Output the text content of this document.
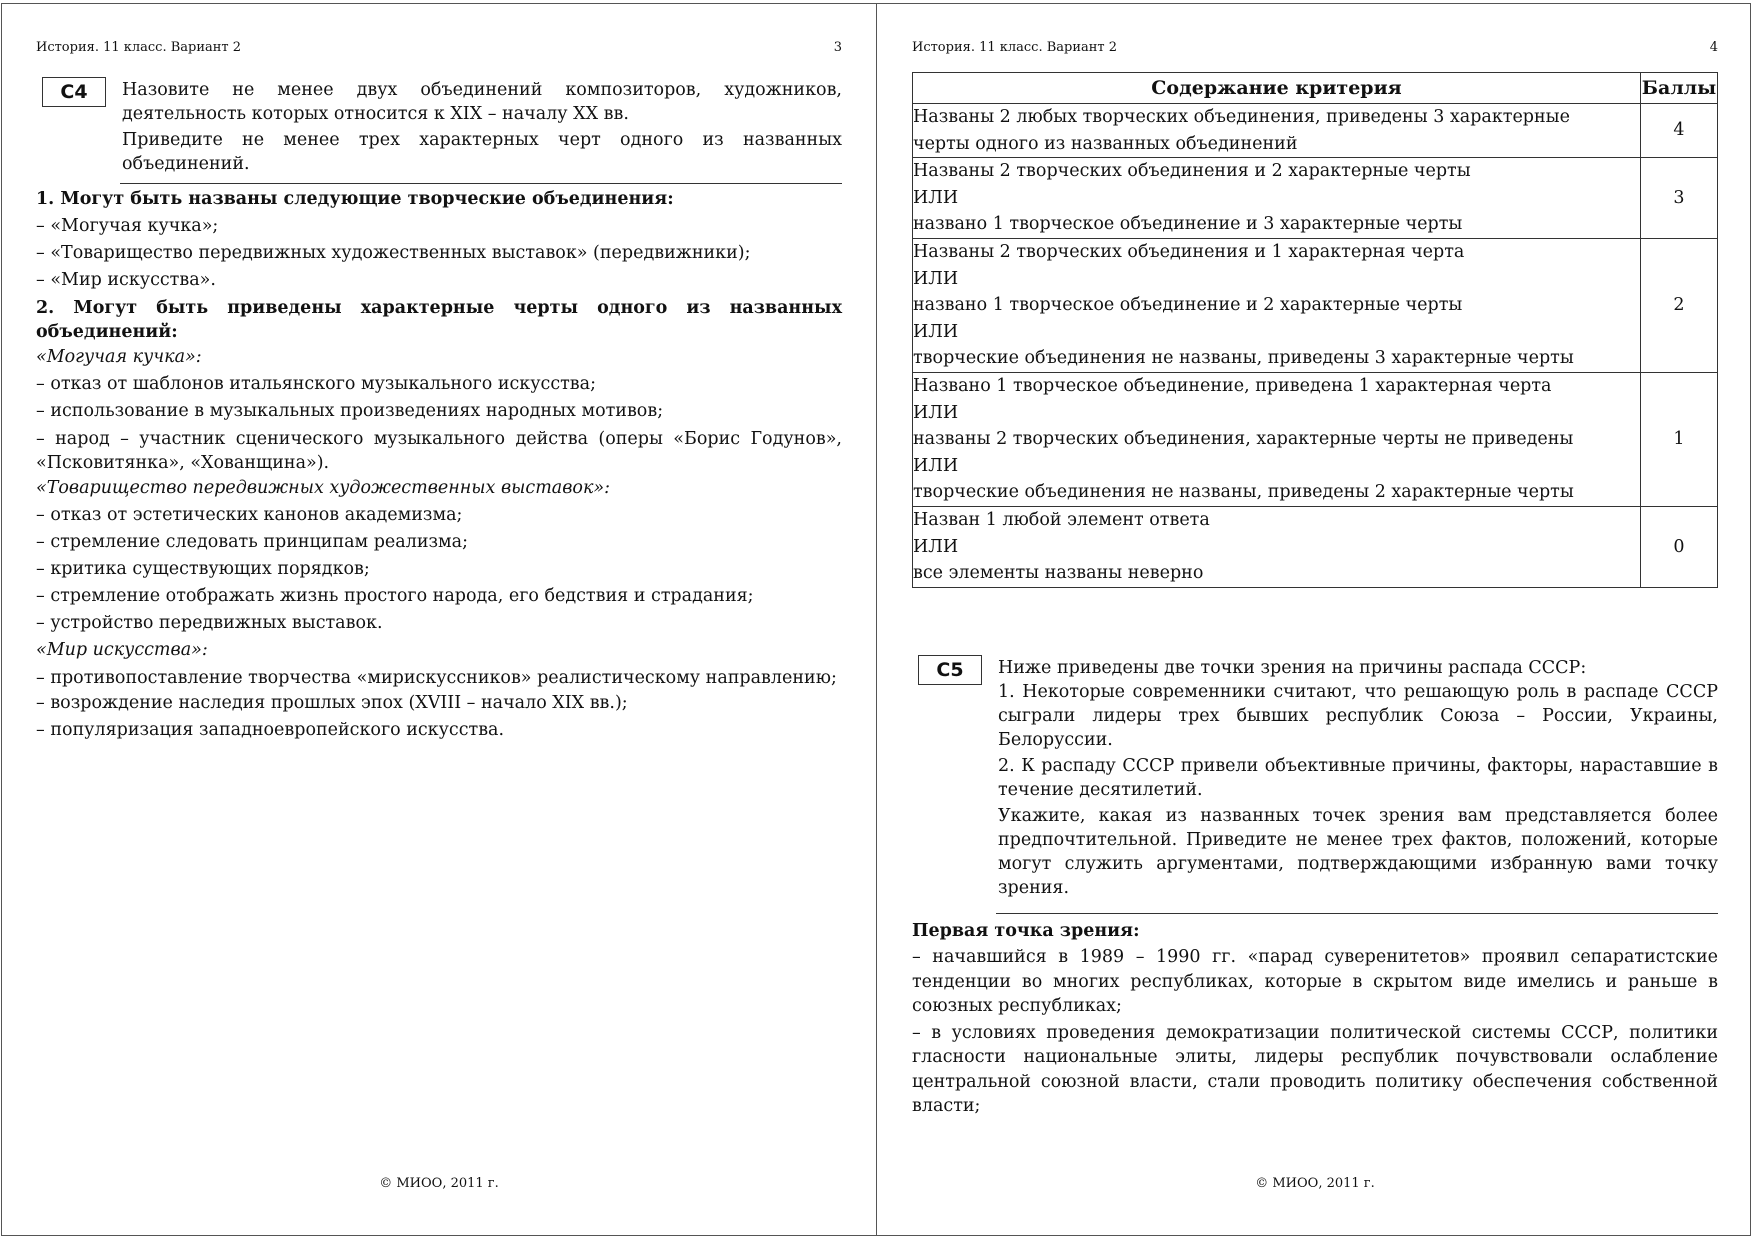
История. 11 класс. Вариант 2	3
С4	Назовите не менее двух объединений композиторов, художников, деятельность которых относится к XIX – началу XX вв.

Приведите не менее трех характерных черт одного из названных объединений.

1. Могут быть названы следующие творческие объединения:

– «Могучая кучка»;

– «Товарищество передвижных художественных выставок» (передвижники);

– «Мир искусства».

2. Могут быть приведены характерные черты одного из названных объединений:

«Могучая кучка»:

– отказ от шаблонов итальянского музыкального искусства;

– использование в музыкальных произведениях народных мотивов;

– народ – участник сценического музыкального действа (оперы «Борис Годунов», «Псковитянка», «Хованщина»).

«Товарищество передвижных художественных выставок»:

– отказ от эстетических канонов академизма;

– стремление следовать принципам реализма;

– критика существующих порядков;

– стремление отображать жизнь простого народа, его бедствия и страдания;

– устройство передвижных выставок.

«Мир искусства»:

– противопоставление творчества «мирискуссников» реалистическому направлению;

– возрождение наследия прошлых эпох (XVIII – начало XIX вв.);

– популяризация западноевропейского искусства.

© МИОО, 2011 г.
История. 11 класс. Вариант 2	4
Содержание критерия	Баллы

Названы 2 любых творческих объединения, приведены 3 характерные
черты одного из названных объединений	4

Названы 2 творческих объединения и 2 характерные черты
ИЛИ
названо 1 творческое объединение и 3 характерные черты	3

Названы 2 творческих объединения и 1 характерная черта
ИЛИ
названо 1 творческое объединение и 2 характерные черты
ИЛИ
творческие объединения не названы, приведены 3 характерные черты	2

Названо 1 творческое объединение, приведена 1 характерная черта
ИЛИ
названы 2 творческих объединения, характерные черты не приведены
ИЛИ
творческие объединения не названы, приведены 2 характерные черты	1

Назван 1 любой элемент ответа
ИЛИ
все элементы названы неверно	0
С5	Ниже приведены две точки зрения на причины распада СССР:

1. Некоторые современники считают, что решающую роль в распаде СССР сыграли лидеры трех бывших республик Союза – России, Украины, Белоруссии.

2. К распаду СССР привели объективные причины, факторы, нараставшие в течение десятилетий.

Укажите, какая из названных точек зрения вам представляется более предпочтительной. Приведите не менее трех фактов, положений, которые могут служить аргументами, подтверждающими избранную вами точку зрения.

Первая точка зрения:

– начавшийся в 1989 – 1990 гг. «парад суверенитетов» проявил сепаратистские тенденции во многих республиках, которые в скрытом виде имелись и раньше в союзных республиках;

– в условиях проведения демократизации политической системы СССР, политики гласности национальные элиты, лидеры республик почувствовали ослабление центральной союзной власти, стали проводить политику обеспечения собственной власти;

© МИОО, 2011 г.
